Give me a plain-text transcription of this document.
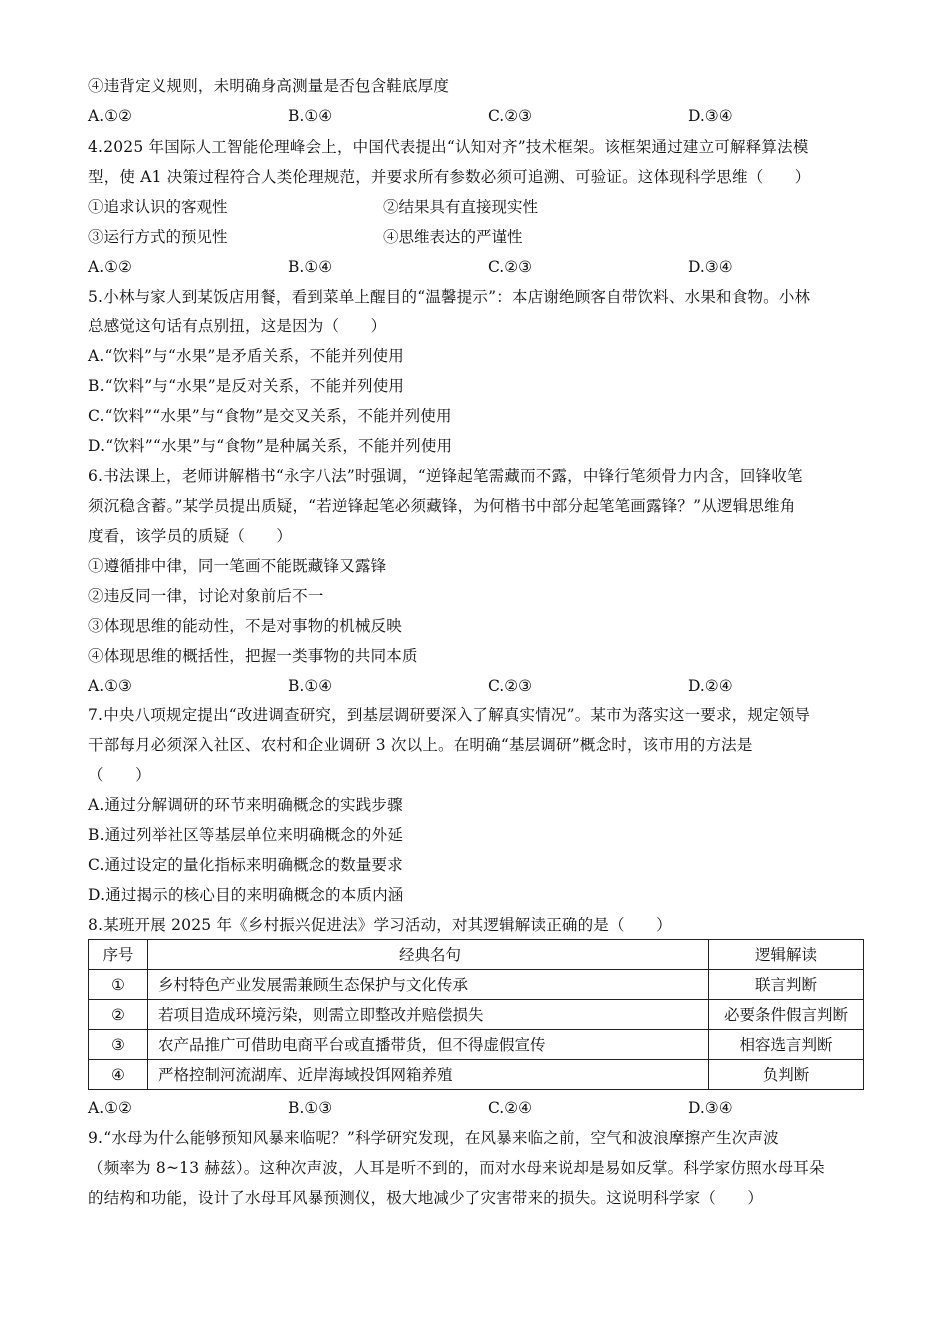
④违背定义规则，未明确身高测量是否包含鞋底厚度
A.①②	B.①④	C.②③	D.③④
4.2025 年国际人工智能伦理峰会上，中国代表提出“认知对齐”技术框架。该框架通过建立可解释算法模
型，使 A1 决策过程符合人类伦理规范，并要求所有参数必须可追溯、可验证。这体现科学思维（　　）
①追求认识的客观性	②结果具有直接现实性
③运行方式的预见性	④思维表达的严谨性
A.①②	B.①④	C.②③	D.③④
5.小林与家人到某饭店用餐，看到菜单上醒目的“温馨提示”：本店谢绝顾客自带饮料、水果和食物。小林
总感觉这句话有点别扭，这是因为（　　）
A.“饮料”与“水果”是矛盾关系，不能并列使用
B.“饮料”与“水果”是反对关系，不能并列使用
C.“饮料”“水果”与“食物”是交叉关系，不能并列使用
D.“饮料”“水果”与“食物”是种属关系，不能并列使用
6.书法课上，老师讲解楷书“永字八法”时强调，“逆锋起笔需藏而不露，中锋行笔须骨力内含，回锋收笔
须沉稳含蓄。”某学员提出质疑，“若逆锋起笔必须藏锋，为何楷书中部分起笔笔画露锋？”从逻辑思维角
度看，该学员的质疑（　　）
①遵循排中律，同一笔画不能既藏锋又露锋
②违反同一律，讨论对象前后不一
③体现思维的能动性，不是对事物的机械反映
④体现思维的概括性，把握一类事物的共同本质
A.①③	B.①④	C.②③	D.②④
7.中央八项规定提出“改进调查研究，到基层调研要深入了解真实情况”。某市为落实这一要求，规定领导
干部每月必须深入社区、农村和企业调研 3 次以上。在明确“基层调研”概念时，该市用的方法是
（　　）
A.通过分解调研的环节来明确概念的实践步骤
B.通过列举社区等基层单位来明确概念的外延
C.通过设定的量化指标来明确概念的数量要求
D.通过揭示的核心目的来明确概念的本质内涵
8.某班开展 2025 年《乡村振兴促进法》学习活动，对其逻辑解读正确的是（　　）
序号	经典名句	逻辑解读
①	乡村特色产业发展需兼顾生态保护与文化传承	联言判断
②	若项目造成环境污染，则需立即整改并赔偿损失	必要条件假言判断
③	农产品推广可借助电商平台或直播带货，但不得虚假宣传	相容选言判断
④	严格控制河流湖库、近岸海域投饵网箱养殖	负判断
A.①②	B.①③	C.②④	D.③④
9.“水母为什么能够预知风暴来临呢？”科学研究发现，在风暴来临之前，空气和波浪摩擦产生次声波
（频率为 8~13 赫兹）。这种次声波，人耳是听不到的，而对水母来说却是易如反掌。科学家仿照水母耳朵
的结构和功能，设计了水母耳风暴预测仪，极大地减少了灾害带来的损失。这说明科学家（　　）
